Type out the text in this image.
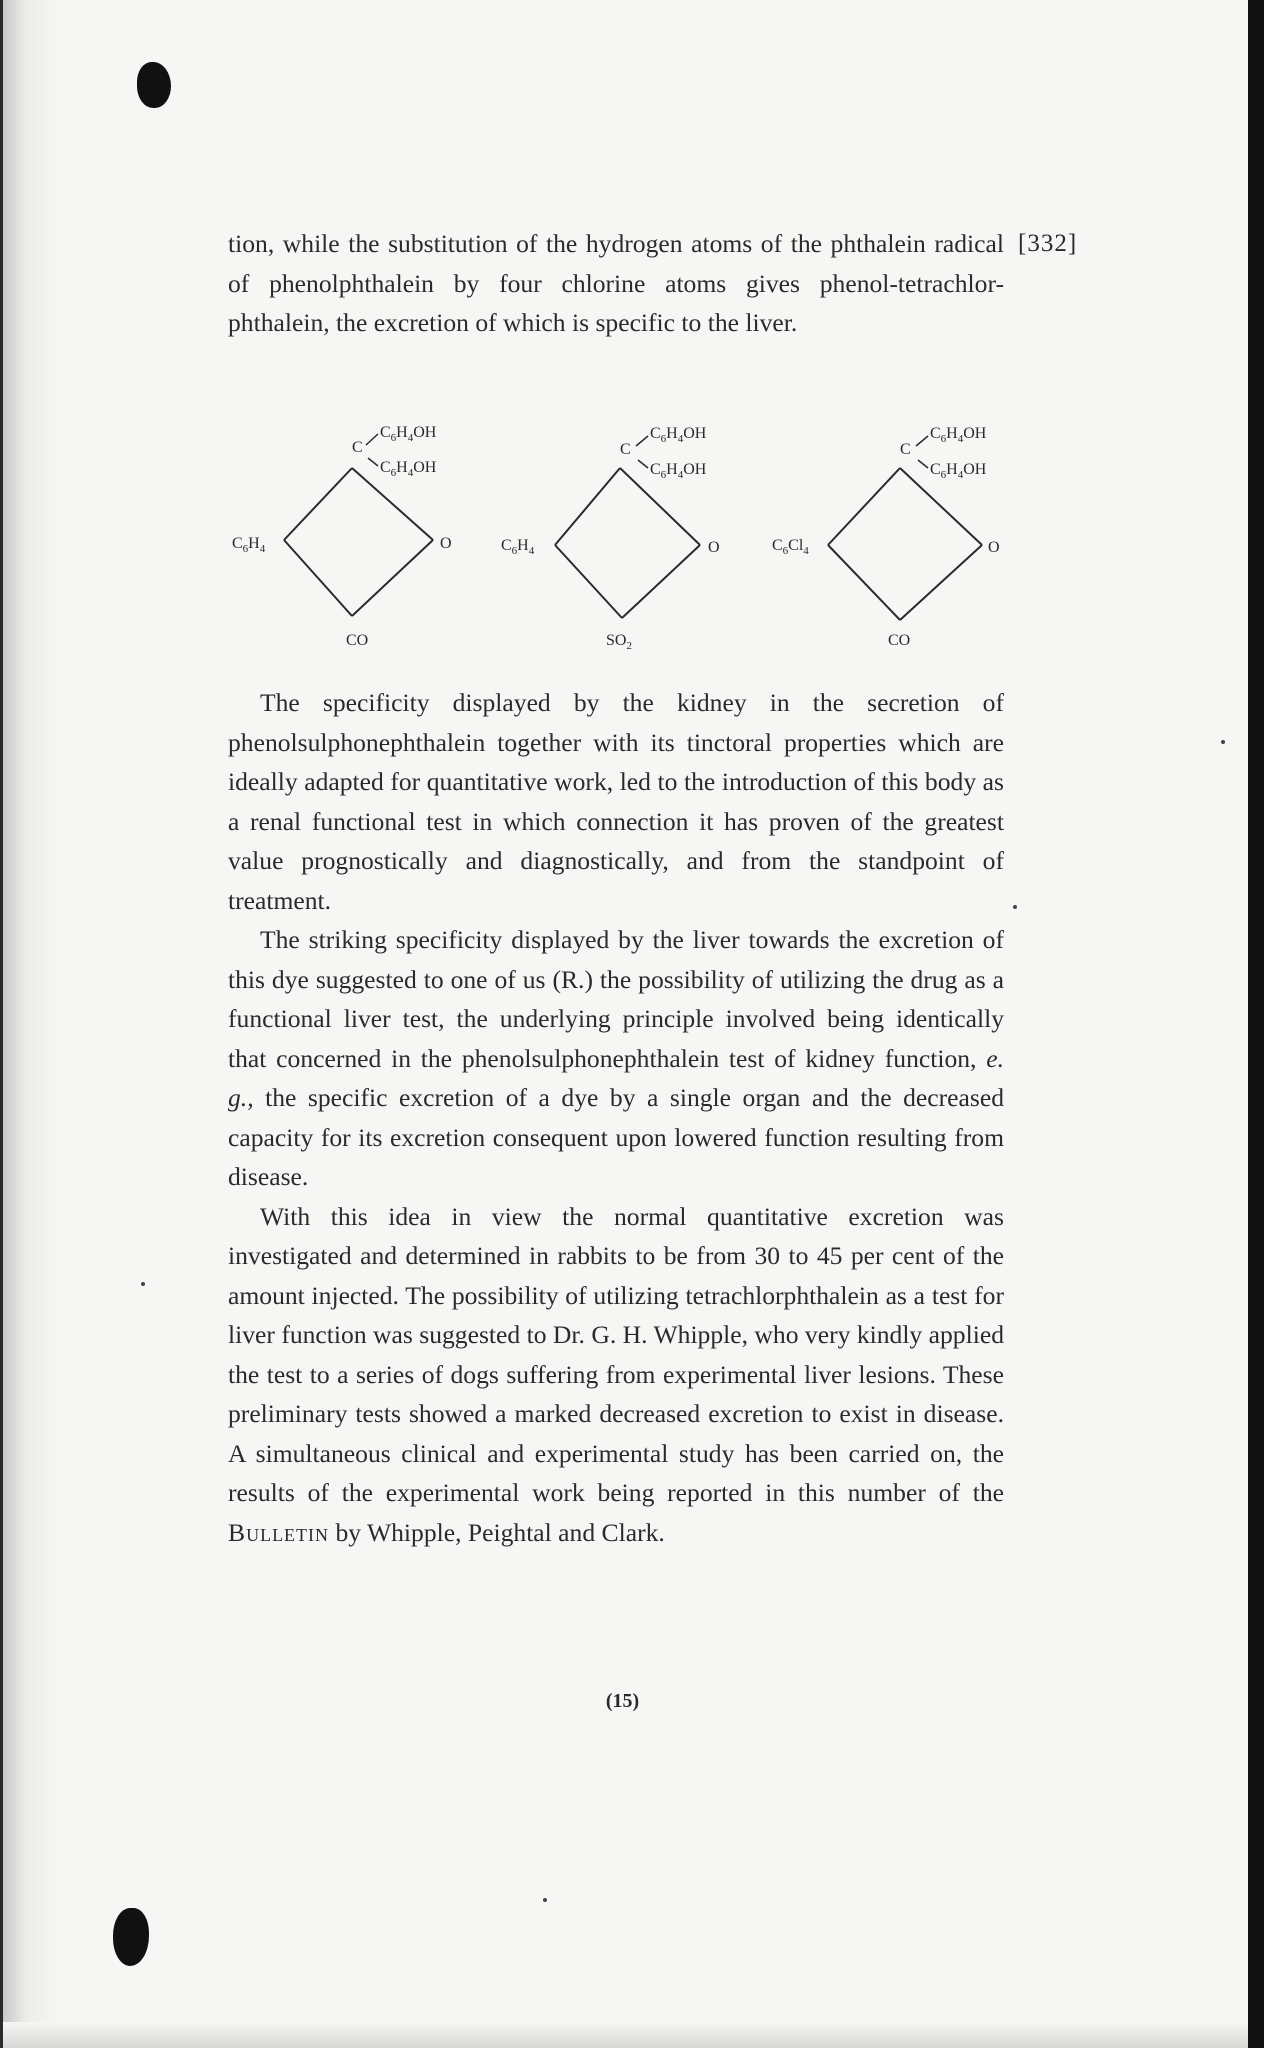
[332]

tion, while the substitution of the hydrogen atoms of the phthalein radical of phenolphthalein by four chlorine atoms gives phenol-tetrachlor-phthalein, the excretion of which is specific to the liver.

C
$C_6H_4OH$
$C_6H_4OH$
$C_6H_4$	O
CO
C
$C_6H_4OH$
$C_6H_4OH$
$C_6H_4$	O
$SO_2$
C
$C_6H_4OH$
$C_6H_4OH$
$C_6Cl_4$	O
CO

The specificity displayed by the kidney in the secretion of phenolsulphonephthalein together with its tinctoral properties which are ideally adapted for quantitative work, led to the introduction of this body as a renal functional test in which connection it has proven of the greatest value prognostically and diagnostically, and from the standpoint of treatment.

The striking specificity displayed by the liver towards the excretion of this dye suggested to one of us (R.) the possibility of utilizing the drug as a functional liver test, the underlying principle involved being identically that concerned in the phenolsulphonephthalein test of kidney function, e. g., the specific excretion of a dye by a single organ and the decreased capacity for its excretion consequent upon lowered function resulting from disease.

With this idea in view the normal quantitative excretion was investigated and determined in rabbits to be from 30 to 45 per cent of the amount injected. The possibility of utilizing tetrachlorphthalein as a test for liver function was suggested to Dr. G. H. Whipple, who very kindly applied the test to a series of dogs suffering from experimental liver lesions. These preliminary tests showed a marked decreased excretion to exist in disease. A simultaneous clinical and experimental study has been carried on, the results of the experimental work being reported in this number of the Bulletin by Whipple, Peightal and Clark.

(15)
